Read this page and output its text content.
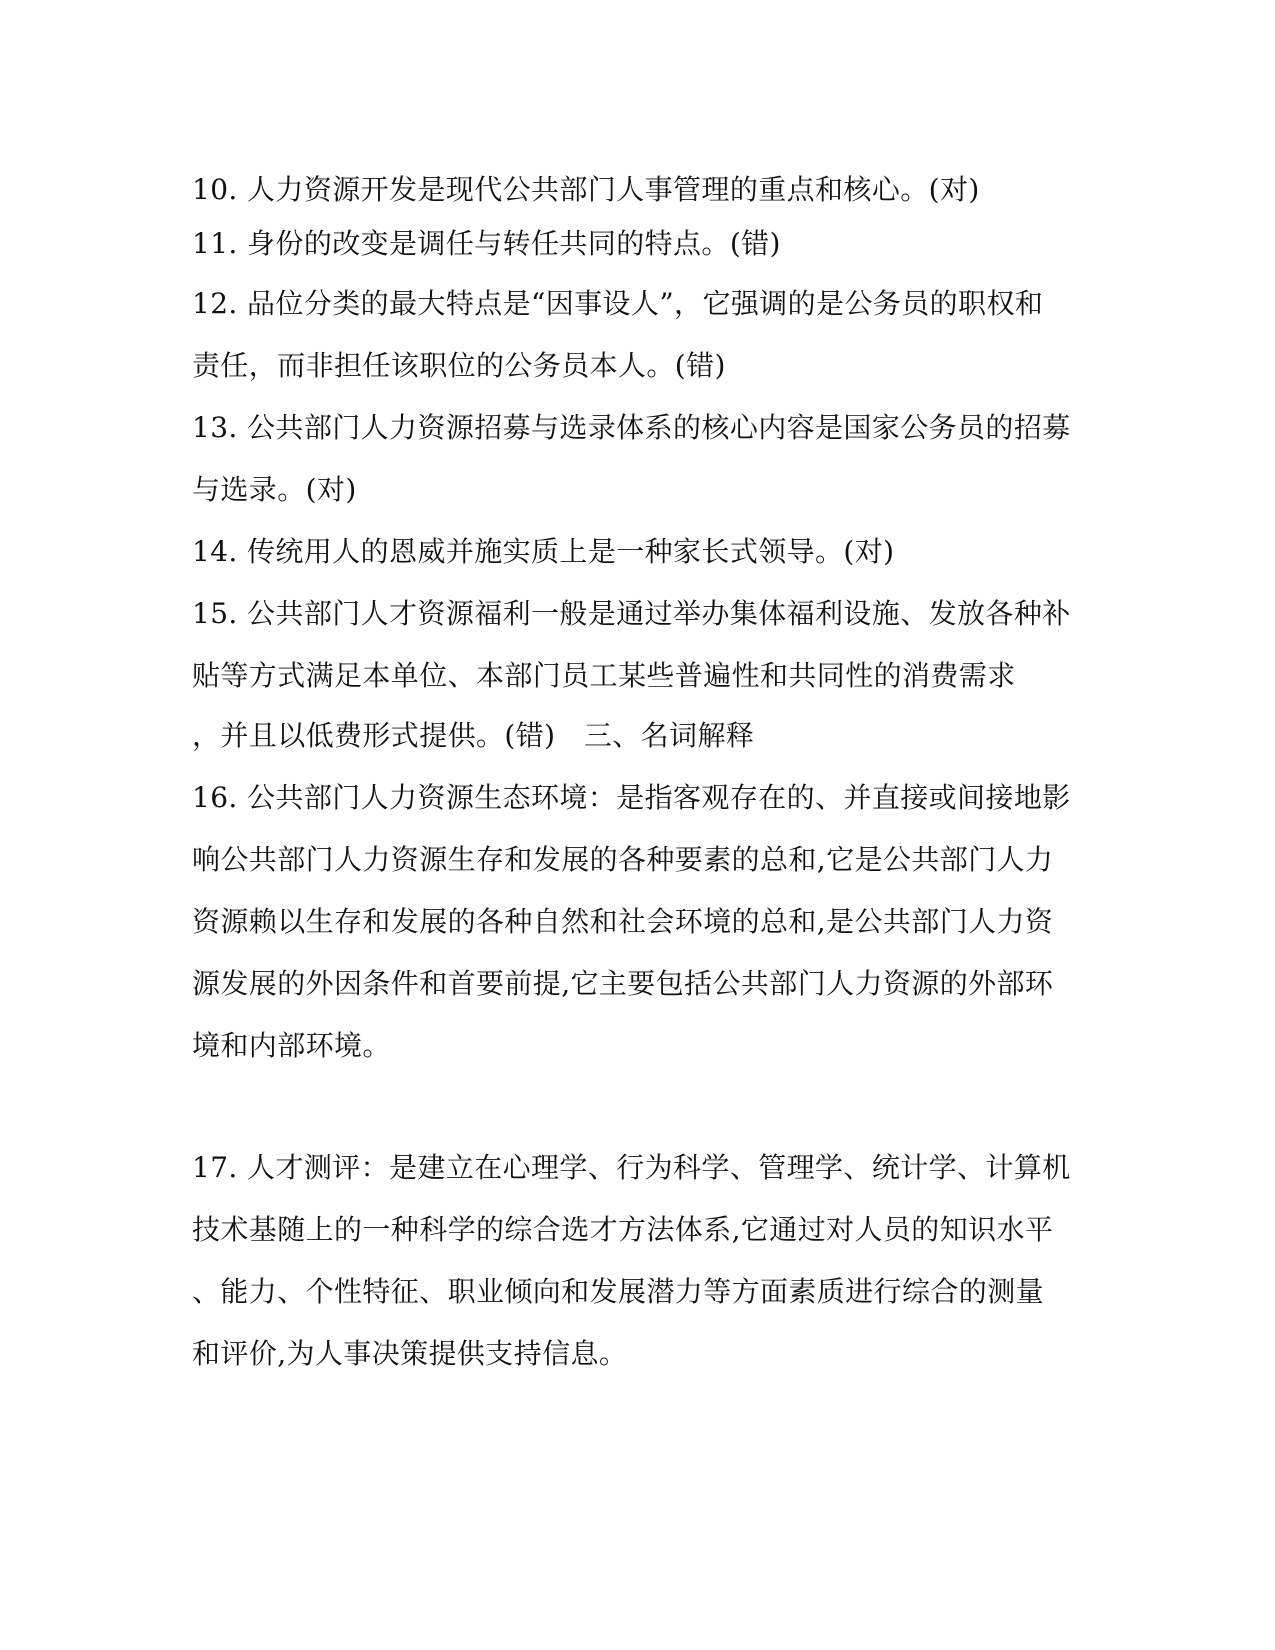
10. 人力资源开发是现代公共部门人事管理的重点和核心。(对)
11. 身份的改变是调任与转任共同的特点。(错)
12. 品位分类的最大特点是“因事设人”，它强调的是公务员的职权和
责任，而非担任该职位的公务员本人。(错)
13. 公共部门人力资源招募与选录体系的核心内容是国家公务员的招募
与选录。(对)
14. 传统用人的恩威并施实质上是一种家长式领导。(对)
15. 公共部门人才资源福利一般是通过举办集体福利设施、发放各种补
贴等方式满足本单位、本部门员工某些普遍性和共同性的消费需求
，并且以低费形式提供。(错)　三、名词解释
16. 公共部门人力资源生态环境：是指客观存在的、并直接或间接地影
响公共部门人力资源生存和发展的各种要素的总和,它是公共部门人力
资源赖以生存和发展的各种自然和社会环境的总和,是公共部门人力资
源发展的外因条件和首要前提,它主要包括公共部门人力资源的外部环
境和内部环境。
17. 人才测评：是建立在心理学、行为科学、管理学、统计学、计算机
技术基随上的一种科学的综合选才方法体系,它通过对人员的知识水平
、能力、个性特征、职业倾向和发展潜力等方面素质进行综合的测量
和评价,为人事决策提供支持信息。
